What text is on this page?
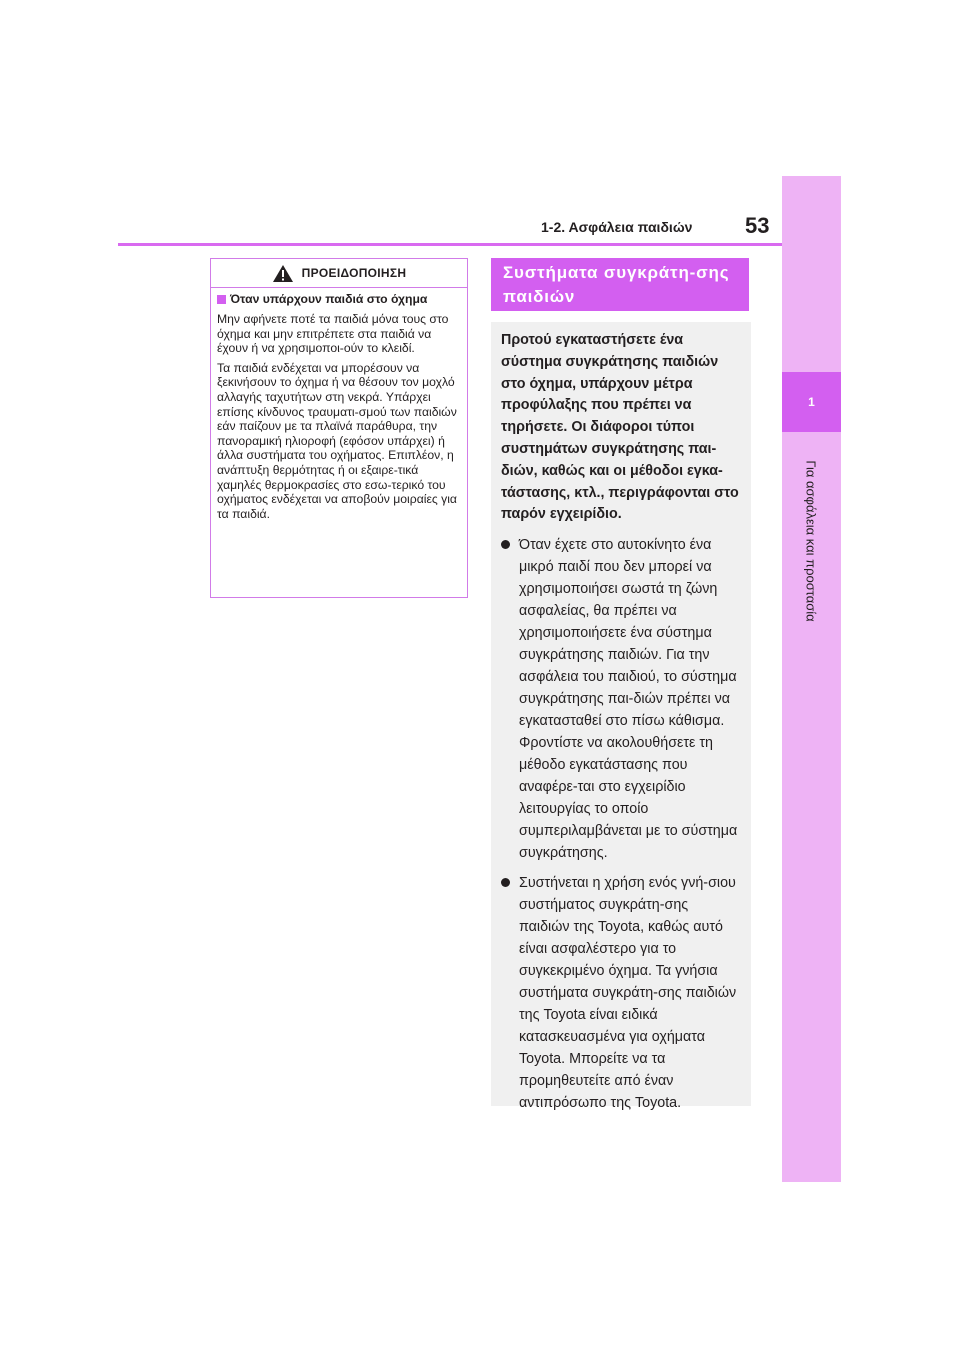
1-2. Ασφάλεια παιδιών 53
1
Για ασφάλεια και προστασία
ΠΡΟΕΙΔΟΠΟΙΗΣΗ
Όταν υπάρχουν παιδιά στο όχημα

Μην αφήνετε ποτέ τα παιδιά μόνα τους στο όχημα και μην επιτρέπετε στα παιδιά να έχουν ή να χρησιμοποι-ούν το κλειδί.

Τα παιδιά ενδέχεται να μπορέσουν να ξεκινήσουν το όχημα ή να θέσουν τον μοχλό αλλαγής ταχυτήτων στη νεκρά. Υπάρχει επίσης κίνδυνος τραυματι-σμού των παιδιών εάν παίζουν με τα πλαϊνά παράθυρα, την πανοραμική ηλιοροφή (εφόσον υπάρχει) ή άλλα συστήματα του οχήματος. Επιπλέον, η ανάπτυξη θερμότητας ή οι εξαιρε-τικά χαμηλές θερμοκρασίες στο εσω-τερικό του οχήματος ενδέχεται να αποβούν μοιραίες για τα παιδιά.

Συστήματα συγκράτη-σης παιδιών

Προτού εγκαταστήσετε ένα σύστημα συγκράτησης παιδιών στο όχημα, υπάρχουν μέτρα προφύλαξης που πρέπει να τηρήσετε. Οι διάφοροι τύποι συστημάτων συγκράτησης παι-διών, καθώς και οι μέθοδοι εγκα-τάστασης, κτλ., περιγράφονται στο παρόν εγχειρίδιο.

Όταν έχετε στο αυτοκίνητο ένα μικρό παιδί που δεν μπορεί να χρησιμοποιήσει σωστά τη ζώνη ασφαλείας, θα πρέπει να χρησιμοποιήσετε ένα σύστημα συγκράτησης παιδιών. Για την ασφάλεια του παιδιού, το σύστημα συγκράτησης παι-διών πρέπει να εγκατασταθεί στο πίσω κάθισμα. Φροντίστε να ακολουθήσετε τη μέθοδο εγκατάστασης που αναφέρε-ται στο εγχειρίδιο λειτουργίας το οποίο συμπεριλαμβάνεται με το σύστημα συγκράτησης.
Συστήνεται η χρήση ενός γνή-σιου συστήματος συγκράτη-σης παιδιών της Toyota, καθώς αυτό είναι ασφαλέστερο για το συγκεκριμένο όχημα. Τα γνήσια συστήματα συγκράτη-σης παιδιών της Toyota είναι ειδικά κατασκευασμένα για οχήματα Toyota. Μπορείτε να τα προμηθευτείτε από έναν αντιπρόσωπο της Toyota.
